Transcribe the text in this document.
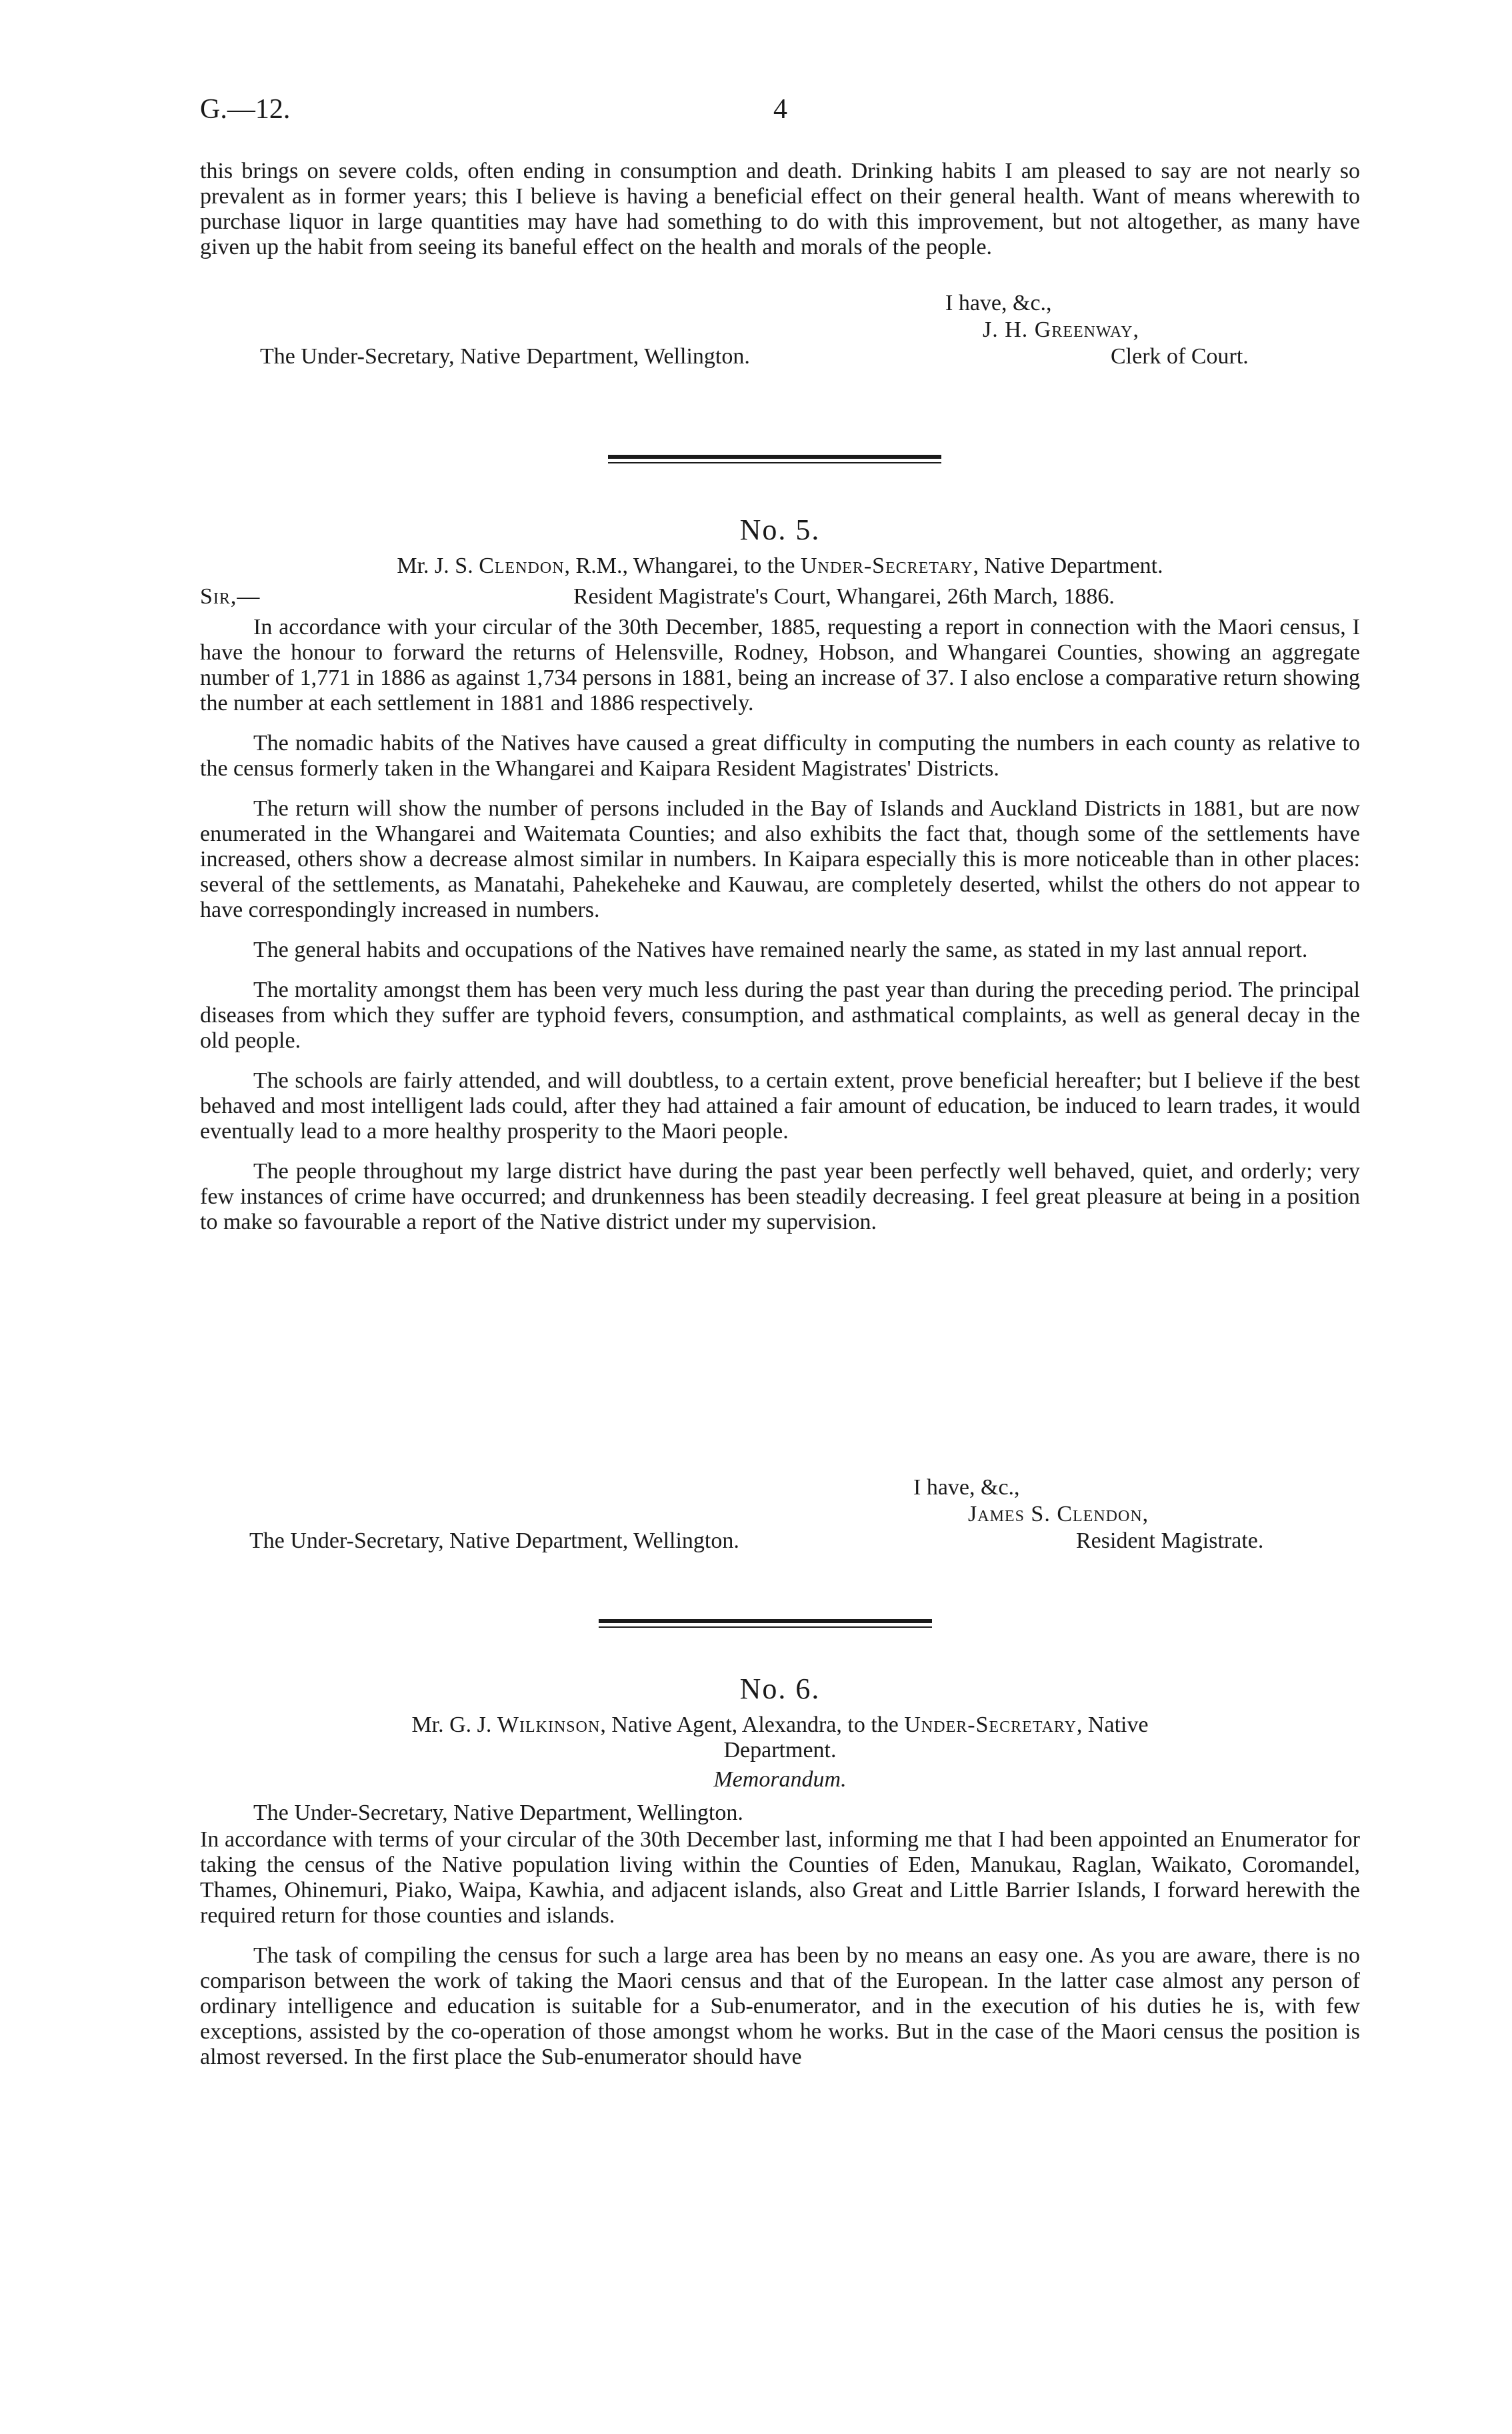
G.—12.	4

this brings on severe colds, often ending in consumption and death. Drinking habits I am pleased to say are not nearly so prevalent as in former years; this I believe is having a beneficial effect on their general health. Want of means wherewith to purchase liquor in large quantities may have had something to do with this improvement, but not altogether, as many have given up the habit from seeing its baneful effect on the health and morals of the people.

I have, &c.,
J. H. Greenway,
The Under-Secretary, Native Department, Wellington.	Clerk of Court.
No. 5.
Mr. J. S. Clendon, R.M., Whangarei, to the Under-Secretary, Native Department.
Sir,—	Resident Magistrate's Court, Whangarei, 26th March, 1886.

In accordance with your circular of the 30th December, 1885, requesting a report in connection with the Maori census, I have the honour to forward the returns of Helensville, Rodney, Hobson, and Whangarei Counties, showing an aggregate number of 1,771 in 1886 as against 1,734 persons in 1881, being an increase of 37. I also enclose a comparative return showing the number at each settlement in 1881 and 1886 respectively.

The nomadic habits of the Natives have caused a great difficulty in computing the numbers in each county as relative to the census formerly taken in the Whangarei and Kaipara Resident Magistrates' Districts.

The return will show the number of persons included in the Bay of Islands and Auckland Districts in 1881, but are now enumerated in the Whangarei and Waitemata Counties; and also exhibits the fact that, though some of the settlements have increased, others show a decrease almost similar in numbers. In Kaipara especially this is more noticeable than in other places: several of the settlements, as Manatahi, Pahekeheke and Kauwau, are completely deserted, whilst the others do not appear to have correspondingly increased in numbers.

The general habits and occupations of the Natives have remained nearly the same, as stated in my last annual report.

The mortality amongst them has been very much less during the past year than during the preceding period. The principal diseases from which they suffer are typhoid fevers, consumption, and asthmatical complaints, as well as general decay in the old people.

The schools are fairly attended, and will doubtless, to a certain extent, prove beneficial hereafter; but I believe if the best behaved and most intelligent lads could, after they had attained a fair amount of education, be induced to learn trades, it would eventually lead to a more healthy prosperity to the Maori people.

The people throughout my large district have during the past year been perfectly well behaved, quiet, and orderly; very few instances of crime have occurred; and drunkenness has been steadily decreasing. I feel great pleasure at being in a position to make so favourable a report of the Native district under my supervision.

I have, &c.,
James S. Clendon,
The Under-Secretary, Native Department, Wellington.	Resident Magistrate.
No. 6.
Mr. G. J. Wilkinson, Native Agent, Alexandra, to the Under-Secretary, Native
Department.
Memorandum.
The Under-Secretary, Native Department, Wellington.

In accordance with terms of your circular of the 30th December last, informing me that I had been appointed an Enumerator for taking the census of the Native population living within the Counties of Eden, Manukau, Raglan, Waikato, Coromandel, Thames, Ohinemuri, Piako, Waipa, Kawhia, and adjacent islands, also Great and Little Barrier Islands, I forward herewith the required return for those counties and islands.

The task of compiling the census for such a large area has been by no means an easy one. As you are aware, there is no comparison between the work of taking the Maori census and that of the European. In the latter case almost any person of ordinary intelligence and education is suitable for a Sub-enumerator, and in the execution of his duties he is, with few exceptions, assisted by the co-operation of those amongst whom he works. But in the case of the Maori census the position is almost reversed. In the first place the Sub-enumerator should have
